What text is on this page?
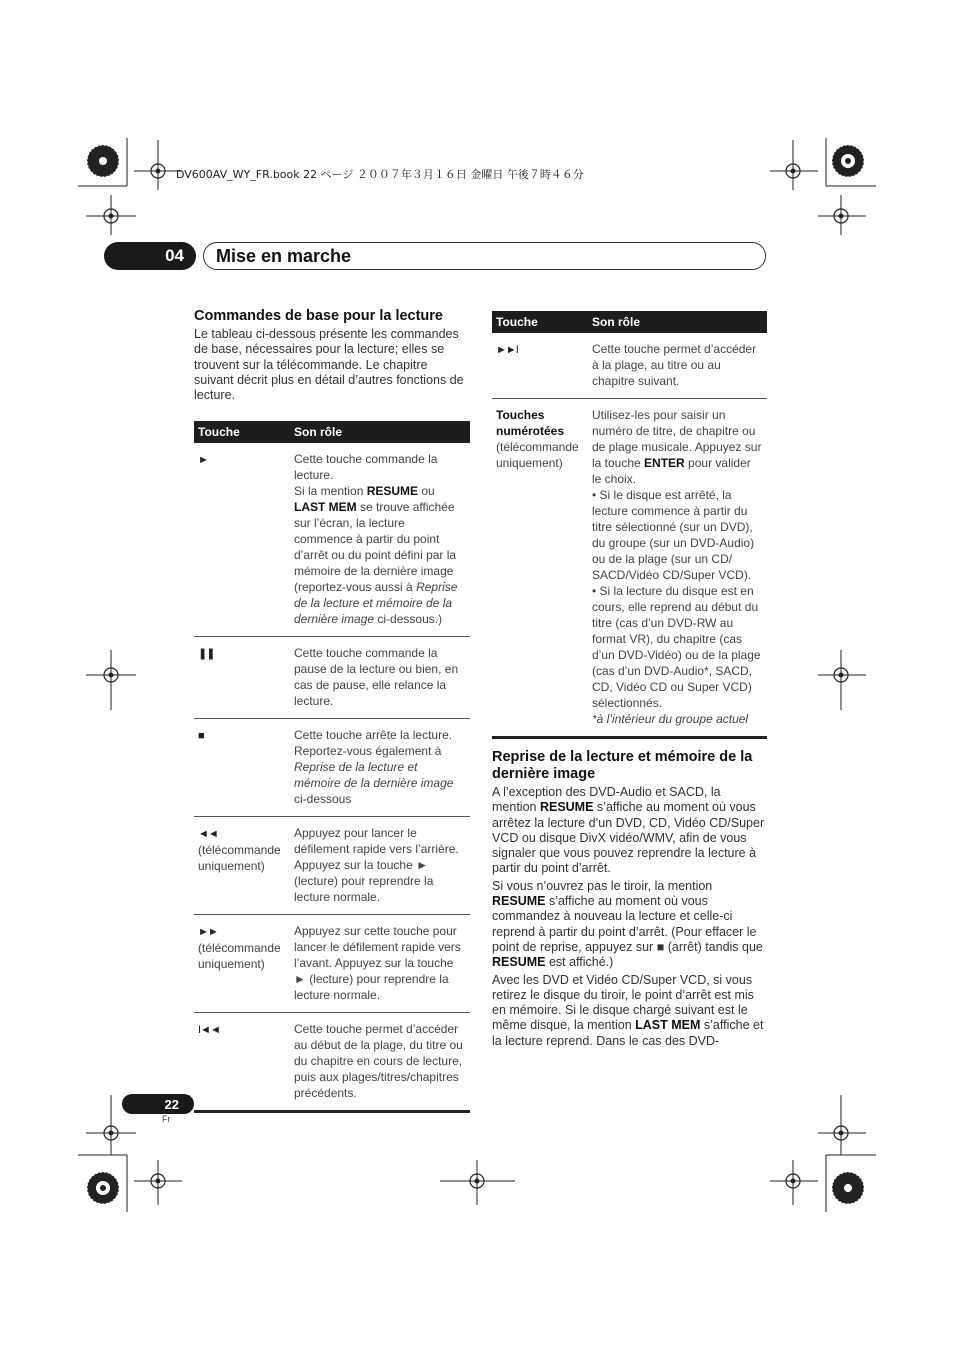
DV600AV_WY_FR.book 22 ページ ２００７年３月１６日 金曜日 午後７時４６分
04	Mise en marche
Commandes de base pour la lecture

Le tableau ci-dessous présente les commandes de base, nécessaires pour la lecture; elles se trouvent sur la télécommande. Le chapitre suivant décrit plus en détail d’autres fonctions de lecture.

Touche	Son rôle
►	Cette touche commande la lecture.
Si la mention RESUME ou LAST MEM se trouve affichée sur l’écran, la lecture commence à partir du point d’arrêt ou du point défini par la mémoire de la dernière image (reportez-vous aussi à Reprise de la lecture et mémoire de la dernière image ci-dessous.)
❚❚	Cette touche commande la pause de la lecture ou bien, en cas de pause, elle relance la lecture.
■	Cette touche arrête la lecture. Reportez-vous également à Reprise de la lecture et mémoire de la dernière image ci-dessous
◄◄
(télécommande uniquement)	Appuyez pour lancer le défilement rapide vers l’arrière. Appuyez sur la touche ► (lecture) pour reprendre la lecture normale.
►►
(télécommande uniquement)	Appuyez sur cette touche pour lancer le défilement rapide vers l’avant. Appuyez sur la touche ► (lecture) pour reprendre la lecture normale.
I◄◄	Cette touche permet d’accéder au début de la plage, du titre ou du chapitre en cours de lecture, puis aux plages/titres/chapitres précédents.
Touche	Son rôle
►►I	Cette touche permet d’accéder à la plage, au titre ou au chapitre suivant.
Touches numérotées
(télécommande uniquement)	Utilisez-les pour saisir un numéro de titre, de chapitre ou de plage musicale. Appuyez sur la touche ENTER pour valider le choix.
• Si le disque est arrêté, la lecture commence à partir du titre sélectionné (sur un DVD), du groupe (sur un DVD-Audio) ou de la plage (sur un CD/ SACD/Vidéo CD/Super VCD).
• Si la lecture du disque est en cours, elle reprend au début du titre (cas d’un DVD-RW au format VR), du chapitre (cas d’un DVD-Vidéo) ou de la plage (cas d’un DVD-Audio*, SACD, CD, Vidéo CD ou Super VCD) sélectionnés.
*à l’intérieur du groupe actuel
Reprise de la lecture et mémoire de la dernière image

A l’exception des DVD-Audio et SACD, la mention RESUME s’affiche au moment où vous arrêtez la lecture d’un DVD, CD, Vidéo CD/Super VCD ou disque DivX vidéo/WMV, afin de vous signaler que vous pouvez reprendre la lecture à partir du point d’arrêt.

Si vous n’ouvrez pas le tiroir, la mention RESUME s’affiche au moment où vous commandez à nouveau la lecture et celle-ci reprend à partir du point d’arrêt. (Pour effacer le point de reprise, appuyez sur ■ (arrêt) tandis que RESUME est affiché.)

Avec les DVD et Vidéo CD/Super VCD, si vous retirez le disque du tiroir, le point d’arrêt est mis en mémoire. Si le disque chargé suivant est le même disque, la mention LAST MEM s’affiche et la lecture reprend. Dans le cas des DVD-

22
Fr
